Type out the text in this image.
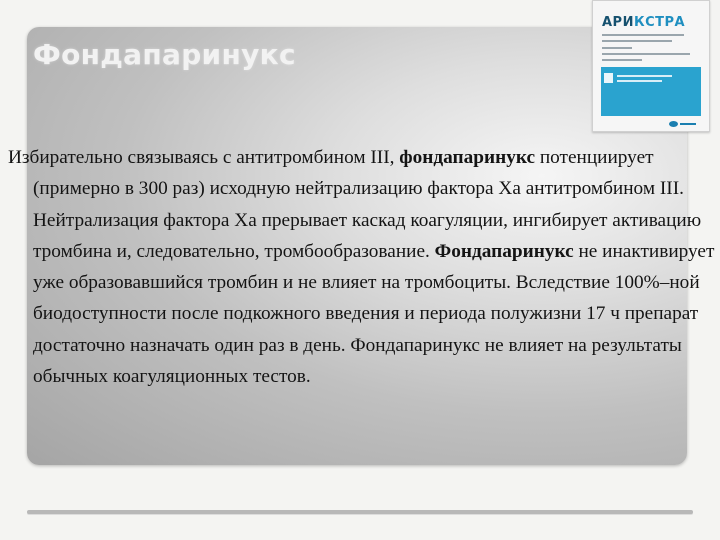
Фондапаринукс

Избирательно связываясь с антитромбином III, фондапаринукс потенциирует (примерно в 300 раз) исходную нейтрализацию фактора Xa антитромбином III. Нейтрализация фактора Xa прерывает каскад коагуляции, ингибирует активацию тромбина и, следовательно, тромбообразование. Фондапаринукс не инактивирует уже образовавшийся тромбин и не влияет на тромбоциты. Вследствие 100%–ной биодоступности после подкожного введения и периода полужизни 17 ч препарат достаточно назначать один раз в день. Фондапаринукс не влияет на результаты обычных коагуляционных тестов.

АРИКСТРА
